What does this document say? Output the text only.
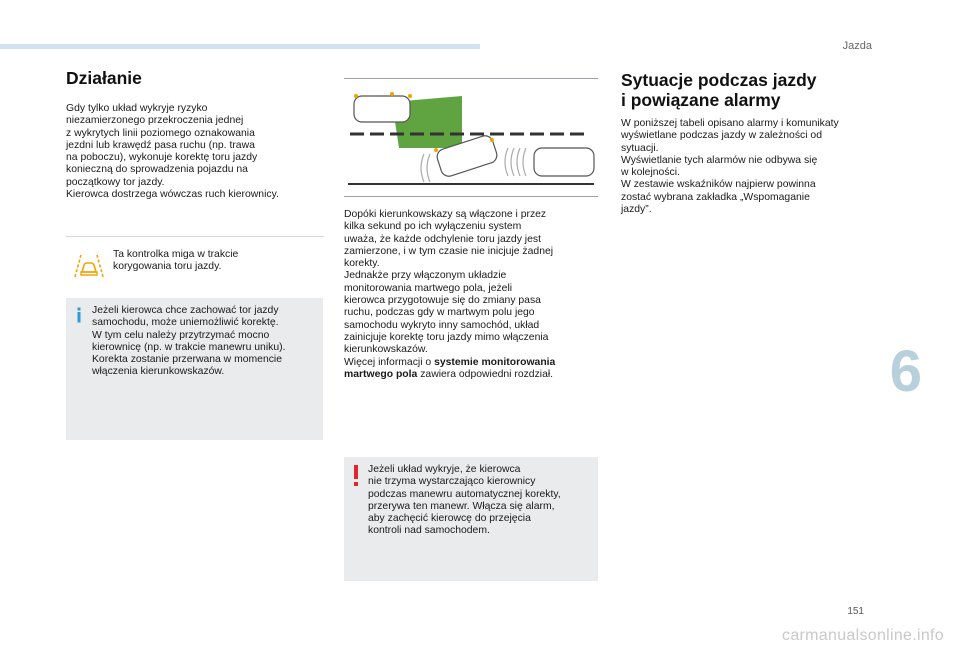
Jazda
6
151
Działanie
Gdy tylko układ wykryje ryzyko
niezamierzonego przekroczenia jednej
z wykrytych linii poziomego oznakowania
jezdni lub krawędź pasa ruchu (np. trawa
na poboczu), wykonuje korektę toru jazdy
konieczną do sprowadzenia pojazdu na
początkowy tor jazdy.
Kierowca dostrzega wówczas ruch kierownicy.
Ta kontrolka miga w trakcie
korygowania toru jazdy.
Jeżeli kierowca chce zachować tor jazdy
samochodu, może uniemożliwić korektę.
W tym celu należy przytrzymać mocno
kierownicę (np. w trakcie manewru uniku).
Korekta zostanie przerwana w momencie
włączenia kierunkowskazów.
Dopóki kierunkowskazy są włączone i przez
kilka sekund po ich wyłączeniu system
uważa, że każde odchylenie toru jazdy jest
zamierzone, i w tym czasie nie inicjuje żadnej
korekty.
Jednakże przy włączonym układzie
monitorowania martwego pola, jeżeli
kierowca przygotowuje się do zmiany pasa
ruchu, podczas gdy w martwym polu jego
samochodu wykryto inny samochód, układ
zainicjuje korektę toru jazdy mimo włączenia
kierunkowskazów.
Więcej informacji o systemie monitorowania
martwego pola zawiera odpowiedni rozdział.
Jeżeli układ wykryje, że kierowca
nie trzyma wystarczająco kierownicy
podczas manewru automatycznej korekty,
przerywa ten manewr. Włącza się alarm,
aby zachęcić kierowcę do przejęcia
kontroli nad samochodem.
Sytuacje podczas jazdy
i powiązane alarmy
W poniższej tabeli opisano alarmy i komunikaty
wyświetlane podczas jazdy w zależności od
sytuacji.
Wyświetlanie tych alarmów nie odbywa się
w kolejności.
W zestawie wskaźników najpierw powinna
zostać wybrana zakładka „Wspomaganie
jazdy”.
carmanualsonline.info
